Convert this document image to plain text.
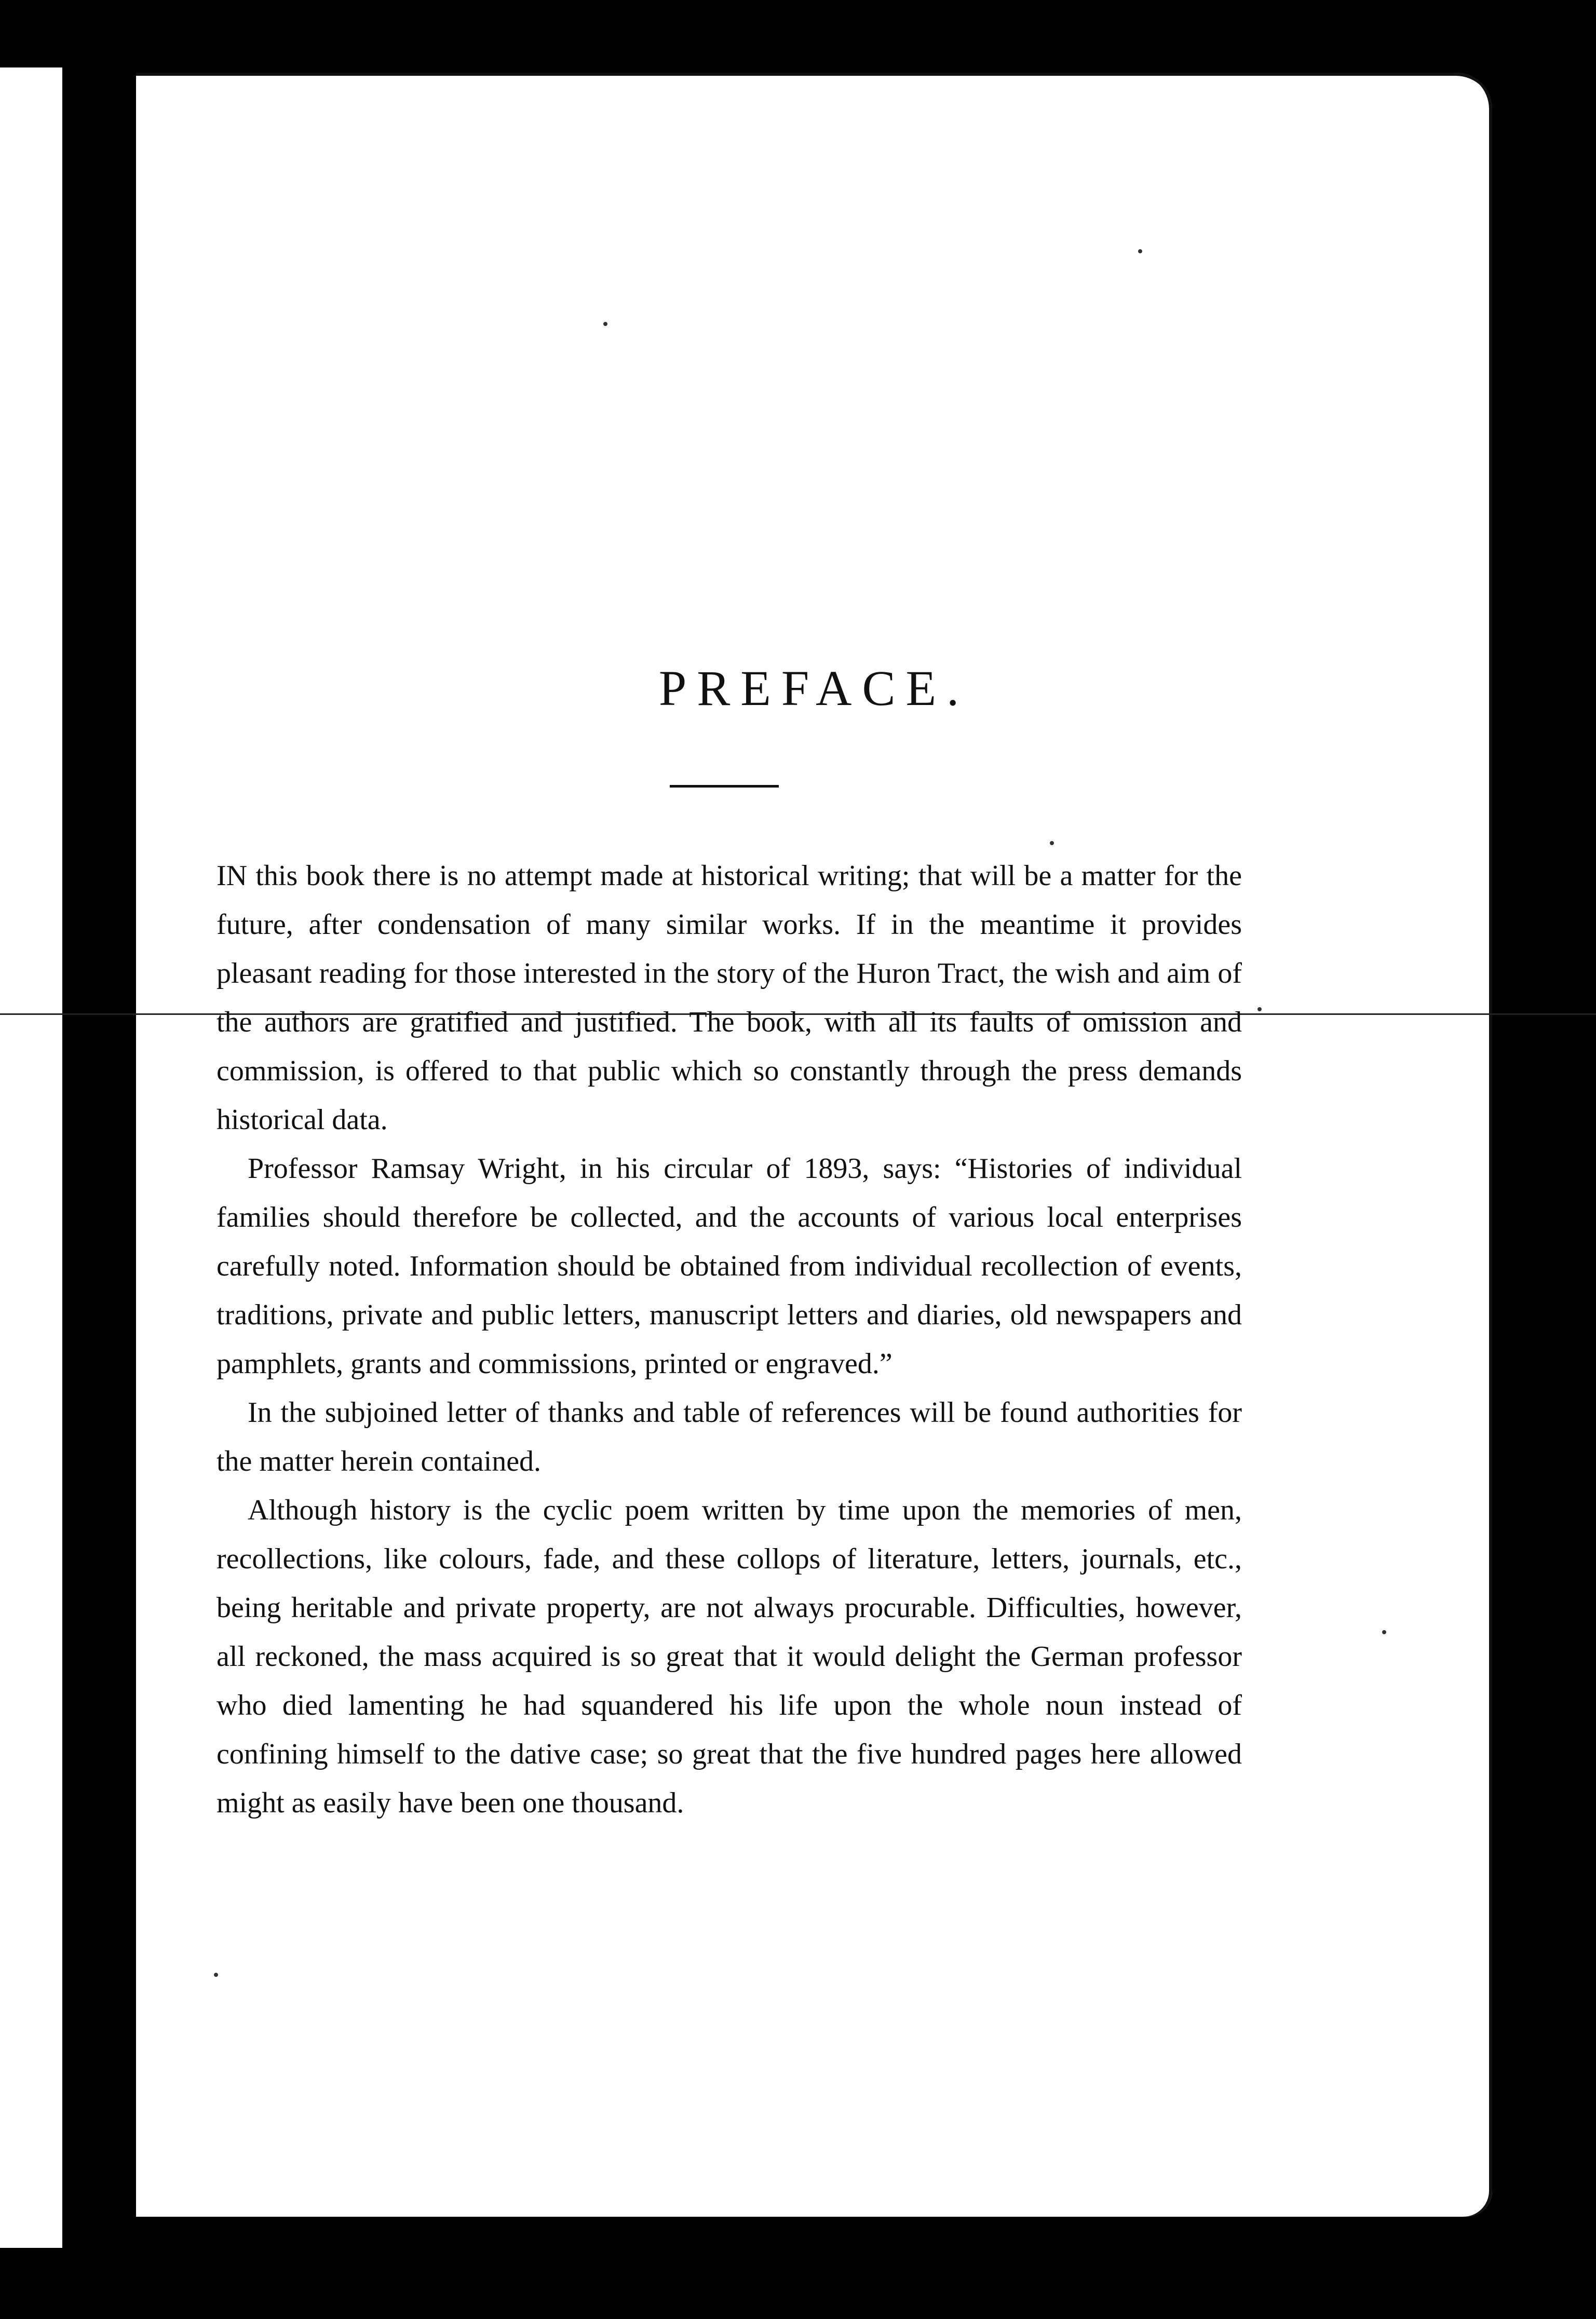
PREFACE.

IN this book there is no attempt made at historical writing; that will be a matter for the future, after condensation of many similar works. If in the meantime it provides pleasant reading for those interested in the story of the Huron Tract, the wish and aim of the authors are gratified and justified. The book, with all its faults of omission and commission, is offered to that public which so constantly through the press demands historical data.

Professor Ramsay Wright, in his circular of 1893, says: “Histories of individual families should therefore be collected, and the accounts of various local enterprises carefully noted. Information should be obtained from individual recollection of events, traditions, private and public letters, manuscript letters and diaries, old newspapers and pamphlets, grants and commissions, printed or engraved.”

In the subjoined letter of thanks and table of references will be found authorities for the matter herein contained.

Although history is the cyclic poem written by time upon the memories of men, recollections, like colours, fade, and these collops of literature, letters, journals, etc., being heritable and private property, are not always procurable. Difficulties, however, all reckoned, the mass acquired is so great that it would delight the German professor who died lamenting he had squandered his life upon the whole noun instead of confining himself to the dative case; so great that the five hundred pages here allowed might as easily have been one thousand.
